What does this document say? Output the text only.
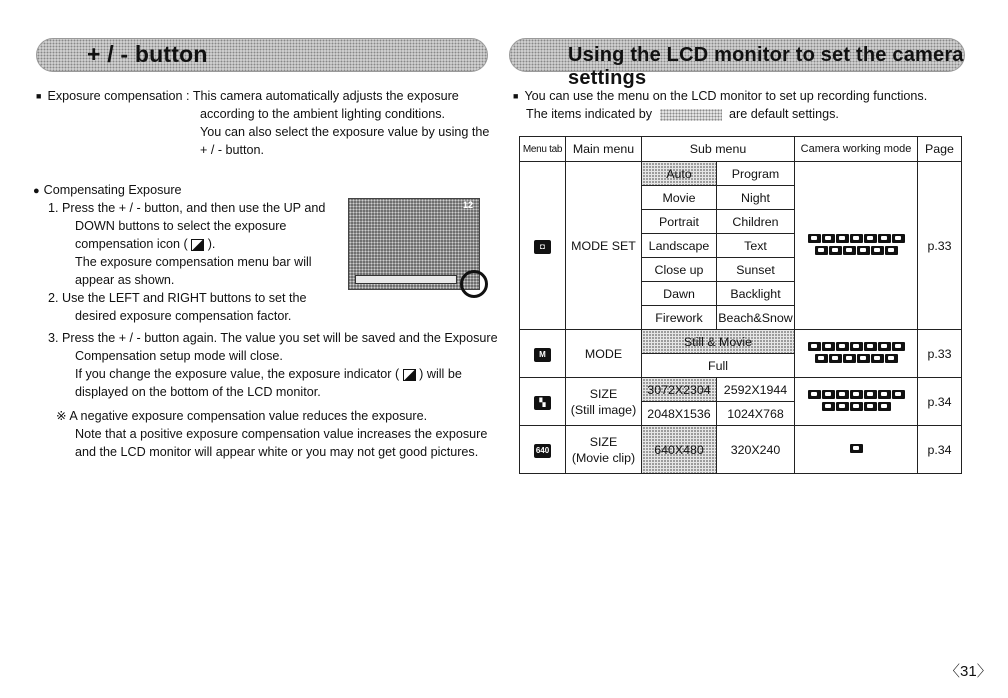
+ / - button
■ Exposure compensation : This camera automatically adjusts the exposure
according to the ambient lighting conditions.
You can also select the exposure value by using the
+ / - button.
● Compensating Exposure
1. Press the + / - button, and then use the UP and
DOWN buttons to select the exposure
compensation icon ( ).
The exposure compensation menu bar will
appear as shown.
2. Use the LEFT and RIGHT buttons to set the
desired exposure compensation factor.
12
3. Press the + / - button again. The value you set will be saved and the Exposure
Compensation setup mode will close.
If you change the exposure value, the exposure indicator ( ) will be
displayed on the bottom of the LCD monitor.
※ A negative exposure compensation value reduces the exposure.
Note that a positive exposure compensation value increases the exposure
and the LCD monitor will appear white or you may not get good pictures.
Using the LCD monitor to set the camera settings
■ You can use the menu on the LCD monitor to set up recording functions.
The items indicated by	are default settings.
Menu tab	Main menu	Sub menu		Camera working mode	Page
◘	MODE SET	Auto	Program		p.33
		Movie	Night		
		Portrait	Children		
		Landscape	Text		
		Close up	Sunset		
		Dawn	Backlight		
		Firework	Beach&Snow		
M	MODE	Still & Movie			p.33
		Full			
▚	SIZE
(Still image)	3072X2304	2592X1944		p.34
		2048X1536	1024X768		
640	SIZE
(Movie clip)	640X480	320X240		p.34
〈31〉
